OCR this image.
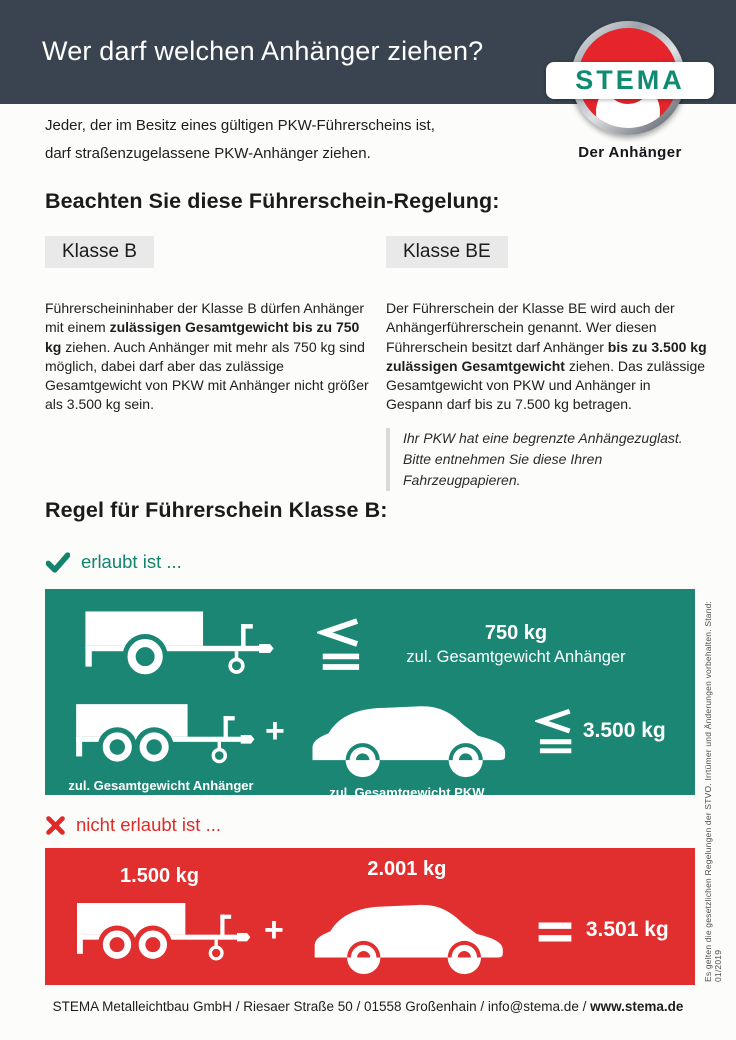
Wer darf welchen Anhänger ziehen?
STEMA
Der Anhänger

Jeder, der im Besitz eines gültigen PKW-Führerscheins ist,
darf straßenzugelassene PKW-Anhänger ziehen.

Beachten Sie diese Führerschein-Regelung:
Klasse B	Klasse BE

Führerscheininhaber der Klasse B dürfen Anhänger mit einem zulässigen Gesamtgewicht bis zu 750 kg ziehen. Auch Anhänger mit mehr als 750 kg sind möglich, dabei darf aber das zulässige Gesamtgewicht von PKW mit Anhänger nicht größer als 3.500 kg sein.

Der Führerschein der Klasse BE wird auch der Anhängerführerschein genannt. Wer diesen Führerschein besitzt darf Anhänger bis zu 3.500 kg zulässigen Gesamtgewicht ziehen. Das zulässige Gesamtgewicht von PKW und Anhänger in Gespann darf bis zu 7.500 kg betragen.

Ihr PKW hat eine begrenzte Anhängezuglast.
Bitte entnehmen Sie diese Ihren Fahrzeugpapieren.
Regel für Führerschein Klasse B:
erlaubt ist ...
750 kg
zul. Gesamtgewicht Anhänger
zul. Gesamtgewicht Anhänger
+
zul. Gesamtgewicht PKW
3.500 kg
nicht erlaubt ist ...
1.500 kg
+
2.001 kg
3.501 kg	Es gelten die gesetzlichen Regelungen der STVO. Irrtümer und Änderungen vorbehalten. Stand: 01/2019
STEMA Metalleichtbau GmbH / Riesaer Straße 50 / 01558 Großenhain / info@stema.de / www.stema.de
